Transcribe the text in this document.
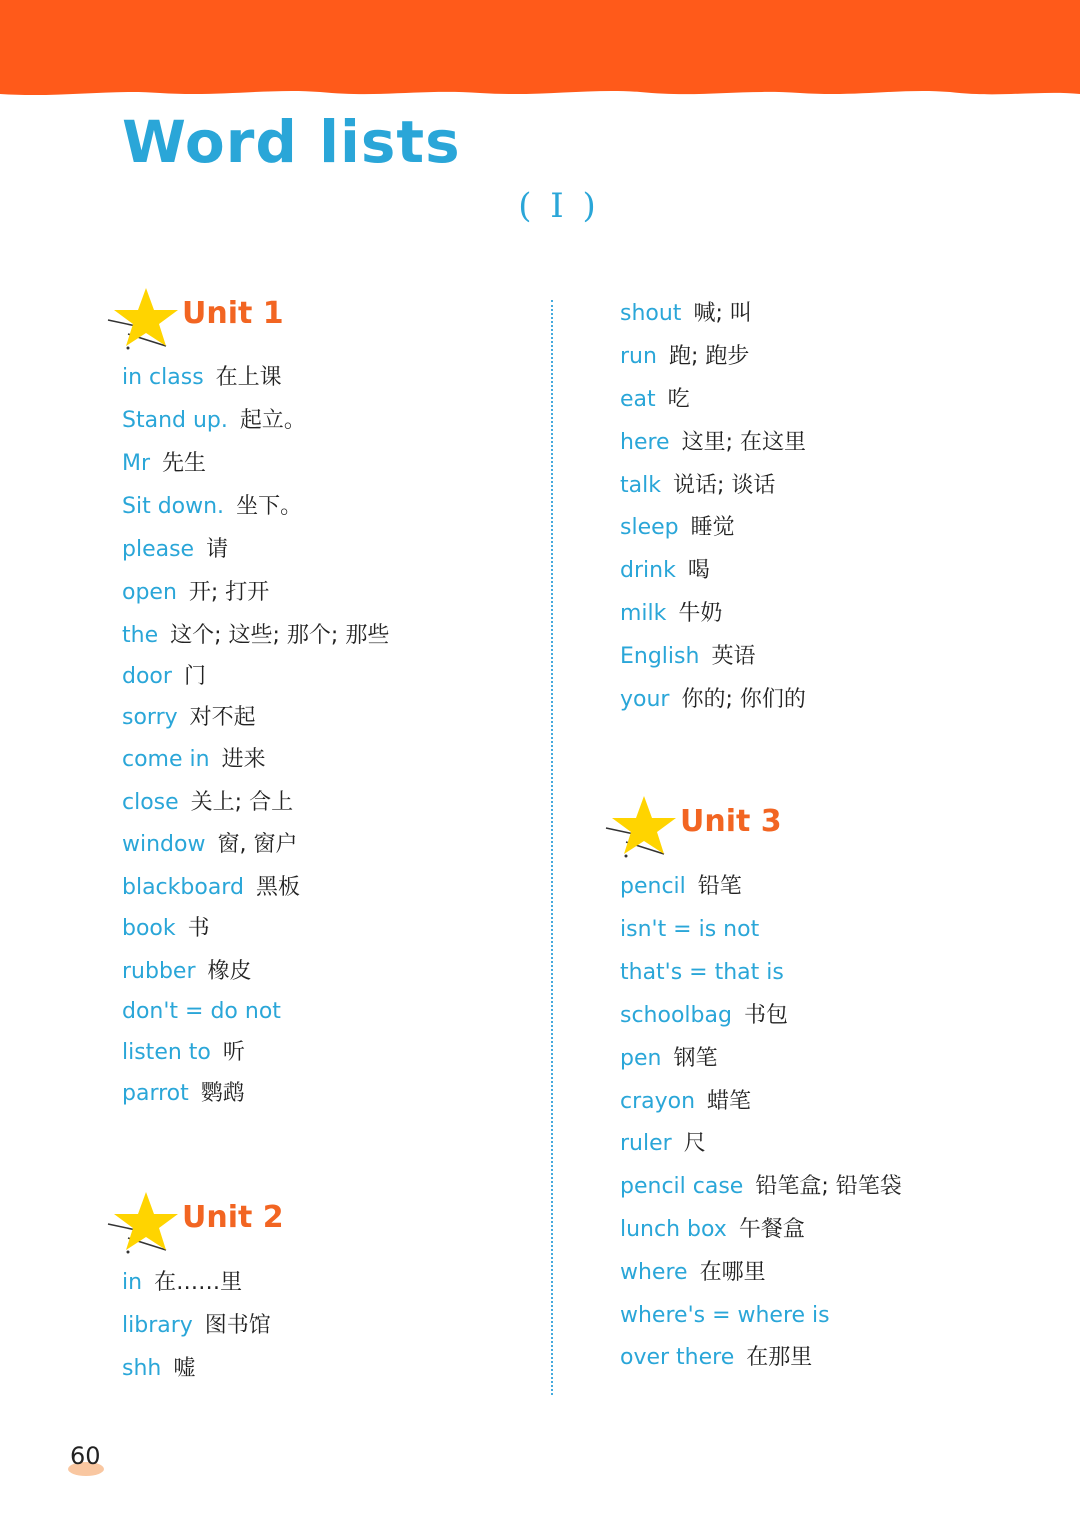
Word lists
( I )
Unit 1
in class 在上课
Stand up. 起立。
Mr 先生
Sit down. 坐下。
please 请
open 开; 打开
the 这个; 这些; 那个; 那些
door 门
sorry 对不起
come in 进来
close 关上; 合上
window 窗, 窗户
blackboard 黑板
book 书
rubber 橡皮
don't = do not
listen to 听
parrot 鹦鹉
Unit 2
in 在……里
library 图书馆
shh 嘘
shout 喊; 叫
run 跑; 跑步
eat 吃
here 这里; 在这里
talk 说话; 谈话
sleep 睡觉
drink 喝
milk 牛奶
English 英语
your 你的; 你们的
Unit 3
pencil 铅笔
isn't = is not
that's = that is
schoolbag 书包
pen 钢笔
crayon 蜡笔
ruler 尺
pencil case 铅笔盒; 铅笔袋
lunch box 午餐盒
where 在哪里
where's = where is
over there 在那里
60
